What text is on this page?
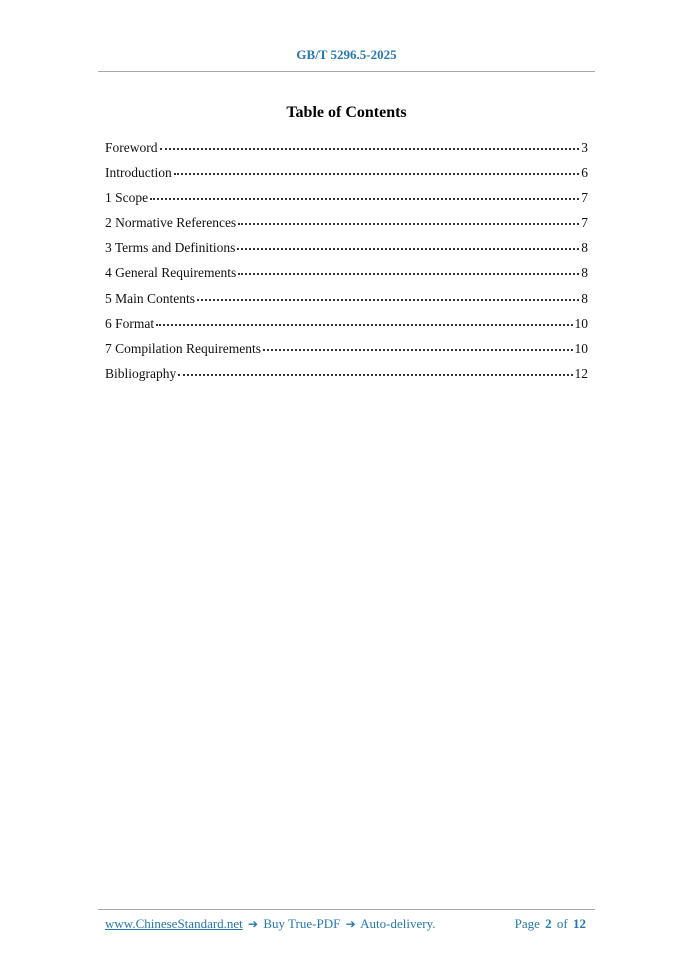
GB/T 5296.5-2025
Table of Contents
Foreword	3
Introduction	6
1 Scope	7
2 Normative References	7
3 Terms and Definitions	8
4 General Requirements	8
5 Main Contents	8
6 Format	10
7 Compilation Requirements	10
Bibliography	12
www.ChineseStandard.net ➔ Buy True-PDF ➔ Auto-delivery.	Page 2 of 12
